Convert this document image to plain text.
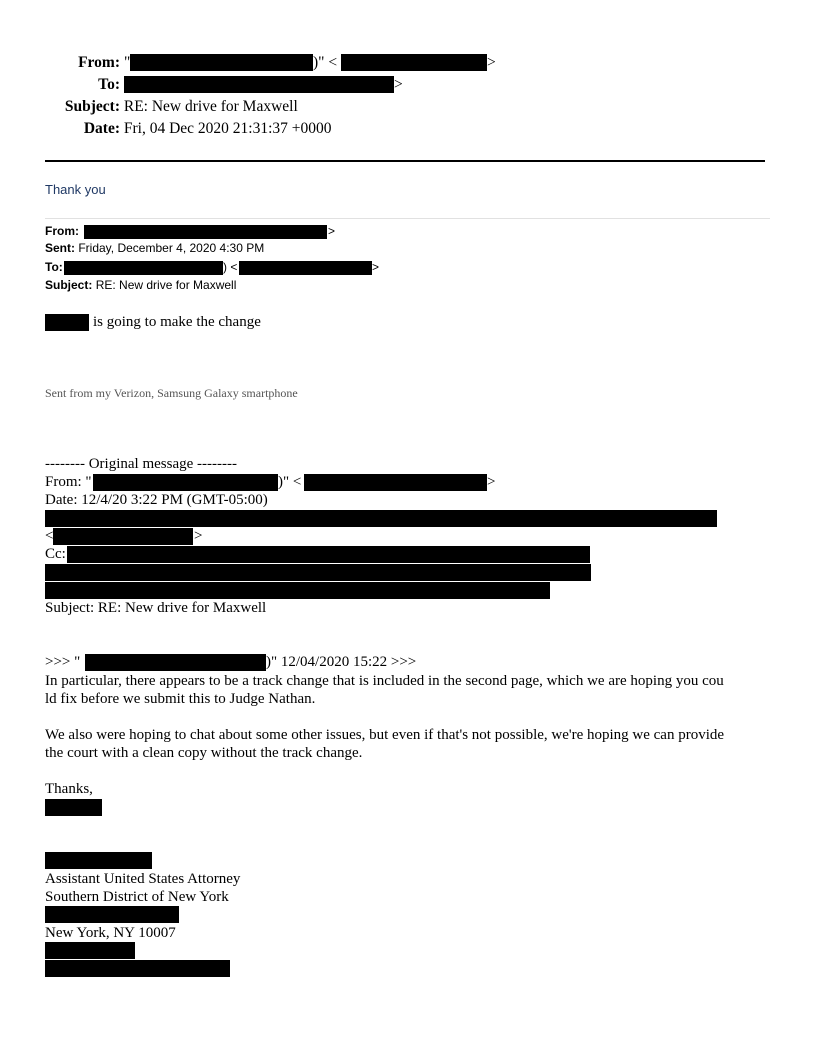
From: "	)" <	>
To:	>
Subject: RE: New drive for Maxwell
Date: Fri, 04 Dec 2020 21:31:37 +0000
Thank you
From:	>
Sent: Friday, December 4, 2020 4:30 PM
To:	) <	>
Subject: RE: New drive for Maxwell
is going to make the change
Sent from my Verizon, Samsung Galaxy smartphone
-------- Original message --------
From: "	)" <	>
Date: 12/4/20 3:22 PM (GMT-05:00)
<	>
Cc:
Subject: RE: New drive for Maxwell
>>> "	)" 12/04/2020 15:22 >>>
In particular, there appears to be a track change that is included in the second page, which we are hoping you cou
ld fix before we submit this to Judge Nathan.
We also were hoping to chat about some other issues, but even if that's not possible, we're hoping we can provide
the court with a clean copy without the track change.
Thanks,
Assistant United States Attorney
Southern District of New York
New York, NY 10007
